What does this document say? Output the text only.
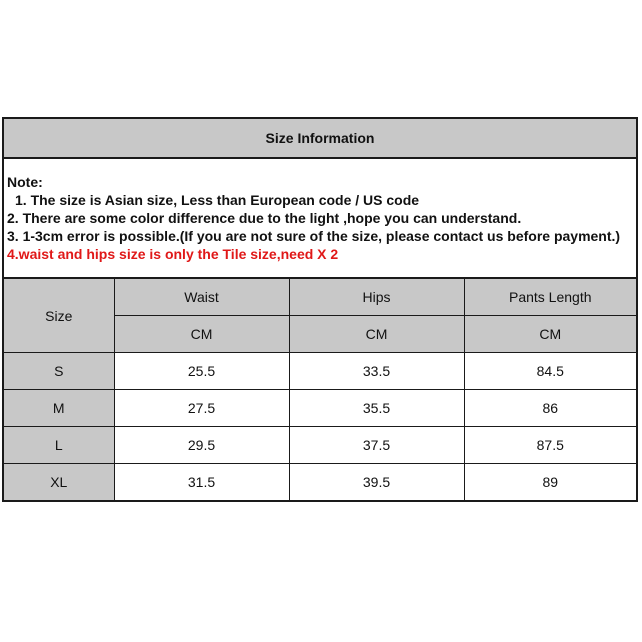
Size Information
Note:
1. The size is Asian size, Less than European code / US code
2. There are some color difference due to the light ,hope you can understand.
3. 1-3cm error is possible.(If you are not sure of the size, please contact us before payment.)
4.waist and hips size is only the Tile size,need X 2
Size	Waist	Hips	Pants Length
	CM	CM	CM
S	25.5	33.5	84.5
M	27.5	35.5	86
L	29.5	37.5	87.5
XL	31.5	39.5	89
